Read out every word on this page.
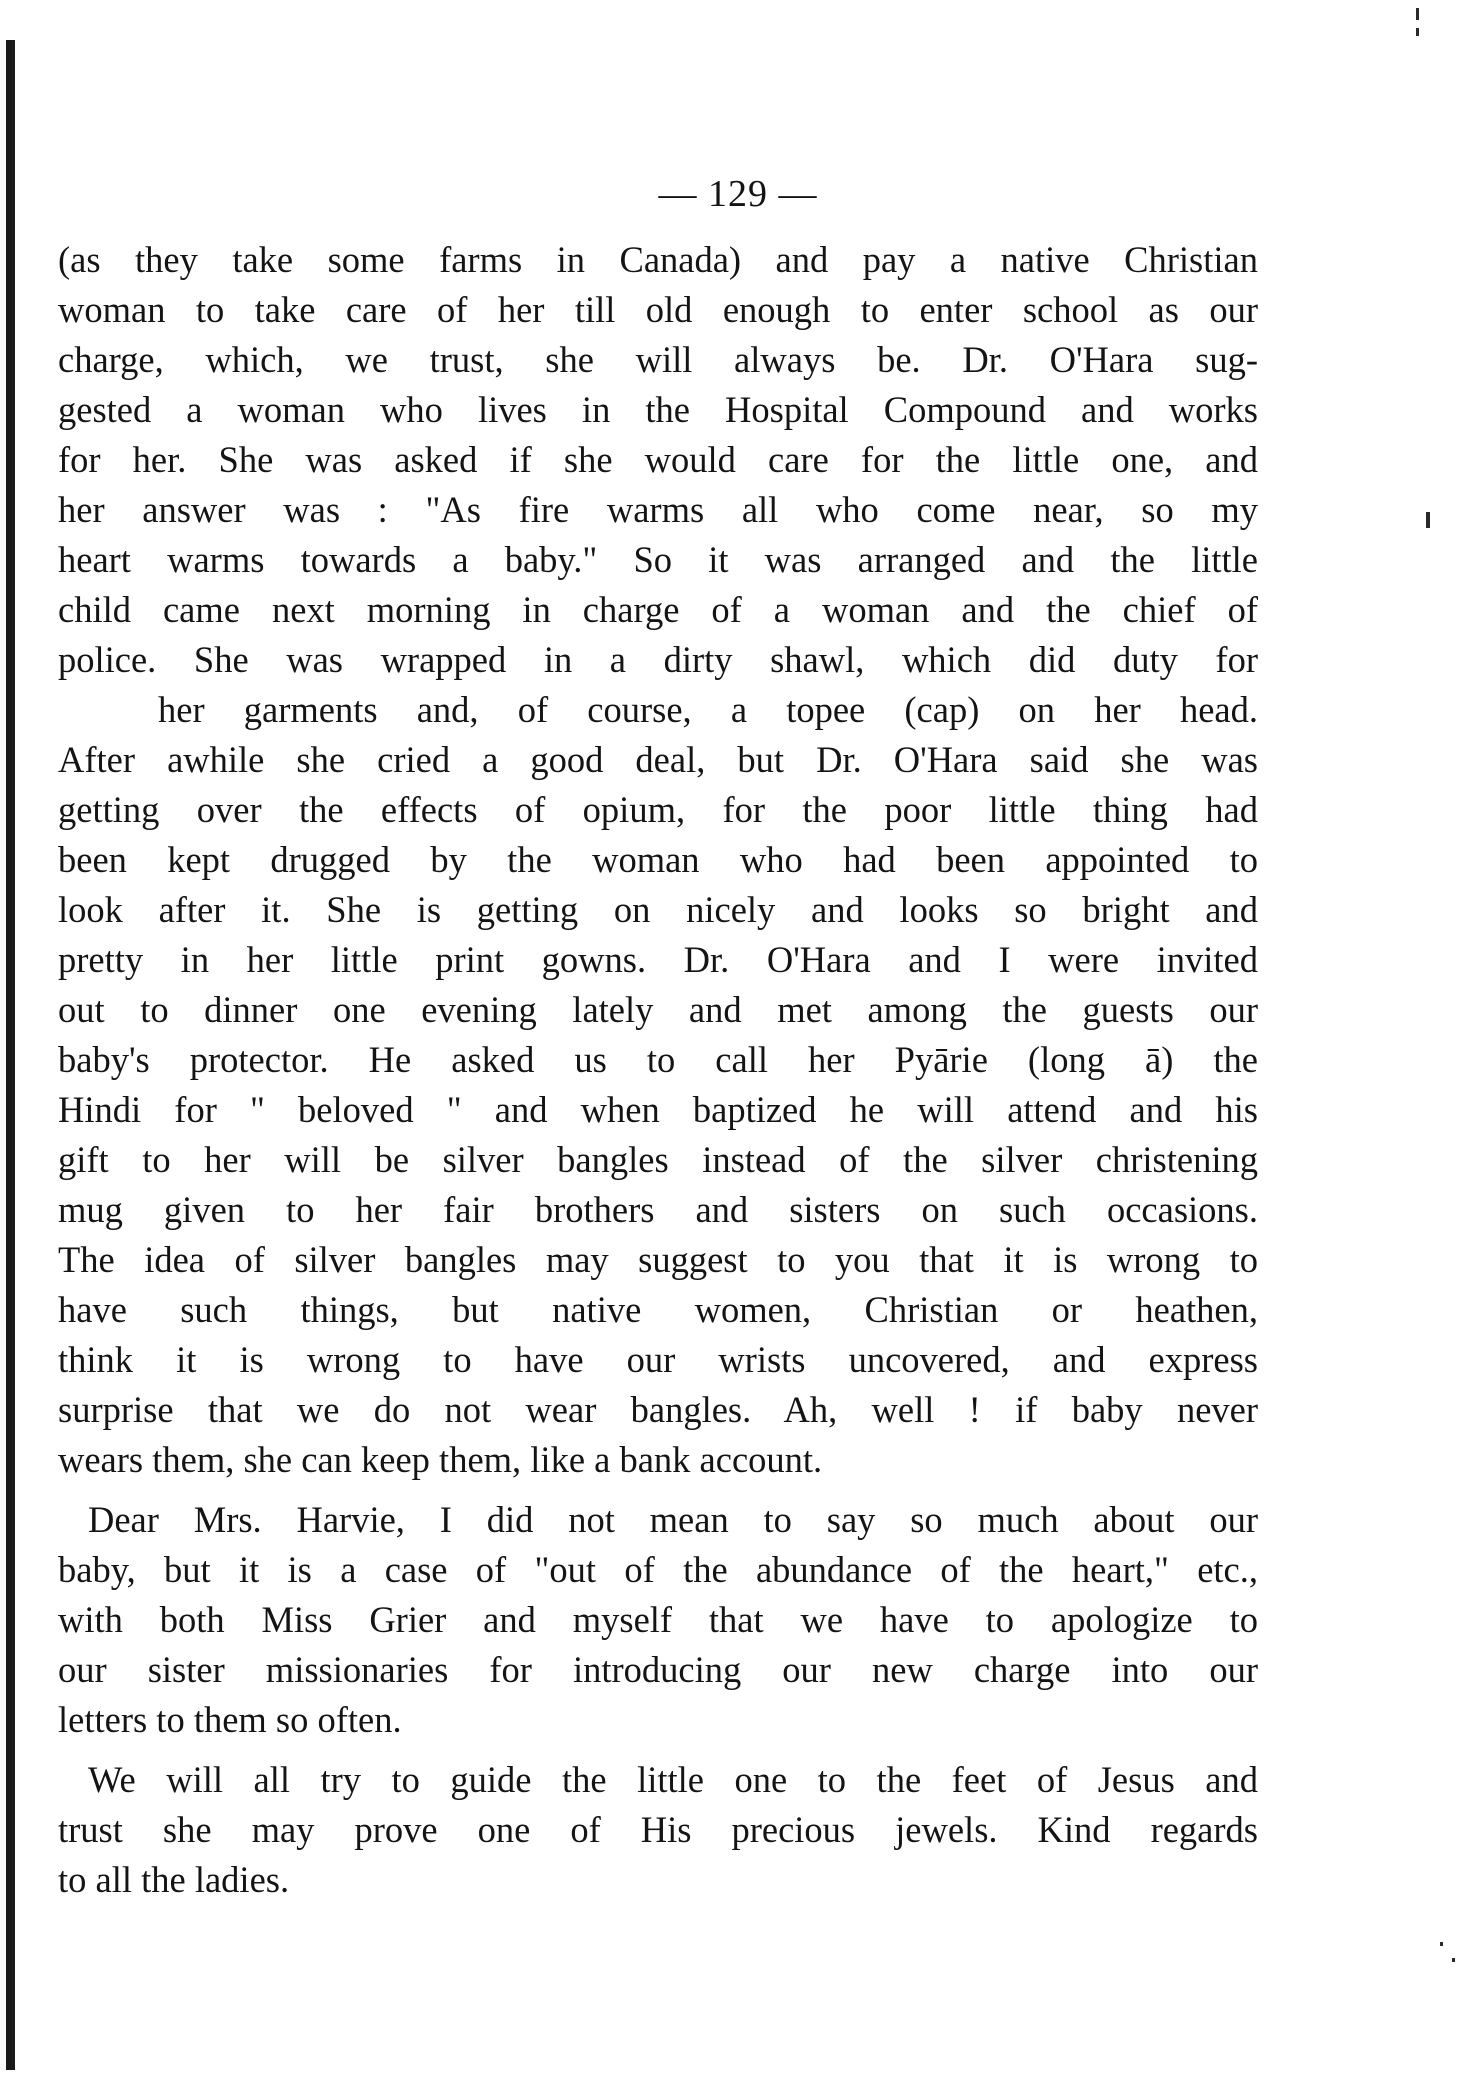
— 129 —
(as they take some farms in Canada) and pay a native Christian
woman to take care of her till old enough to enter school as our
charge, which, we trust, she will always be. Dr. O'Hara sug-
gested a woman who lives in the Hospital Compound and works
for her. She was asked if she would care for the little one, and
her answer was : "As fire warms all who come near, so my
heart warms towards a baby." So it was arranged and the little
child came next morning in charge of a woman and the chief of
police. She was wrapped in a dirty shawl, which did duty for
her garments and, of course, a topee (cap) on her head.
After awhile she cried a good deal, but Dr. O'Hara said she was
getting over the effects of opium, for the poor little thing had
been kept drugged by the woman who had been appointed to
look after it. She is getting on nicely and looks so bright and
pretty in her little print gowns. Dr. O'Hara and I were invited
out to dinner one evening lately and met among the guests our
baby's protector. He asked us to call her Pyārie (long ā) the
Hindi for " beloved " and when baptized he will attend and his
gift to her will be silver bangles instead of the silver christening
mug given to her fair brothers and sisters on such occasions.
The idea of silver bangles may suggest to you that it is wrong to
have such things, but native women, Christian or heathen,
think it is wrong to have our wrists uncovered, and express
surprise that we do not wear bangles. Ah, well ! if baby never
wears them, she can keep them, like a bank account.
Dear Mrs. Harvie, I did not mean to say so much about our
baby, but it is a case of "out of the abundance of the heart," etc.,
with both Miss Grier and myself that we have to apologize to
our sister missionaries for introducing our new charge into our
letters to them so often.
We will all try to guide the little one to the feet of Jesus and
trust she may prove one of His precious jewels. Kind regards
to all the ladies.
